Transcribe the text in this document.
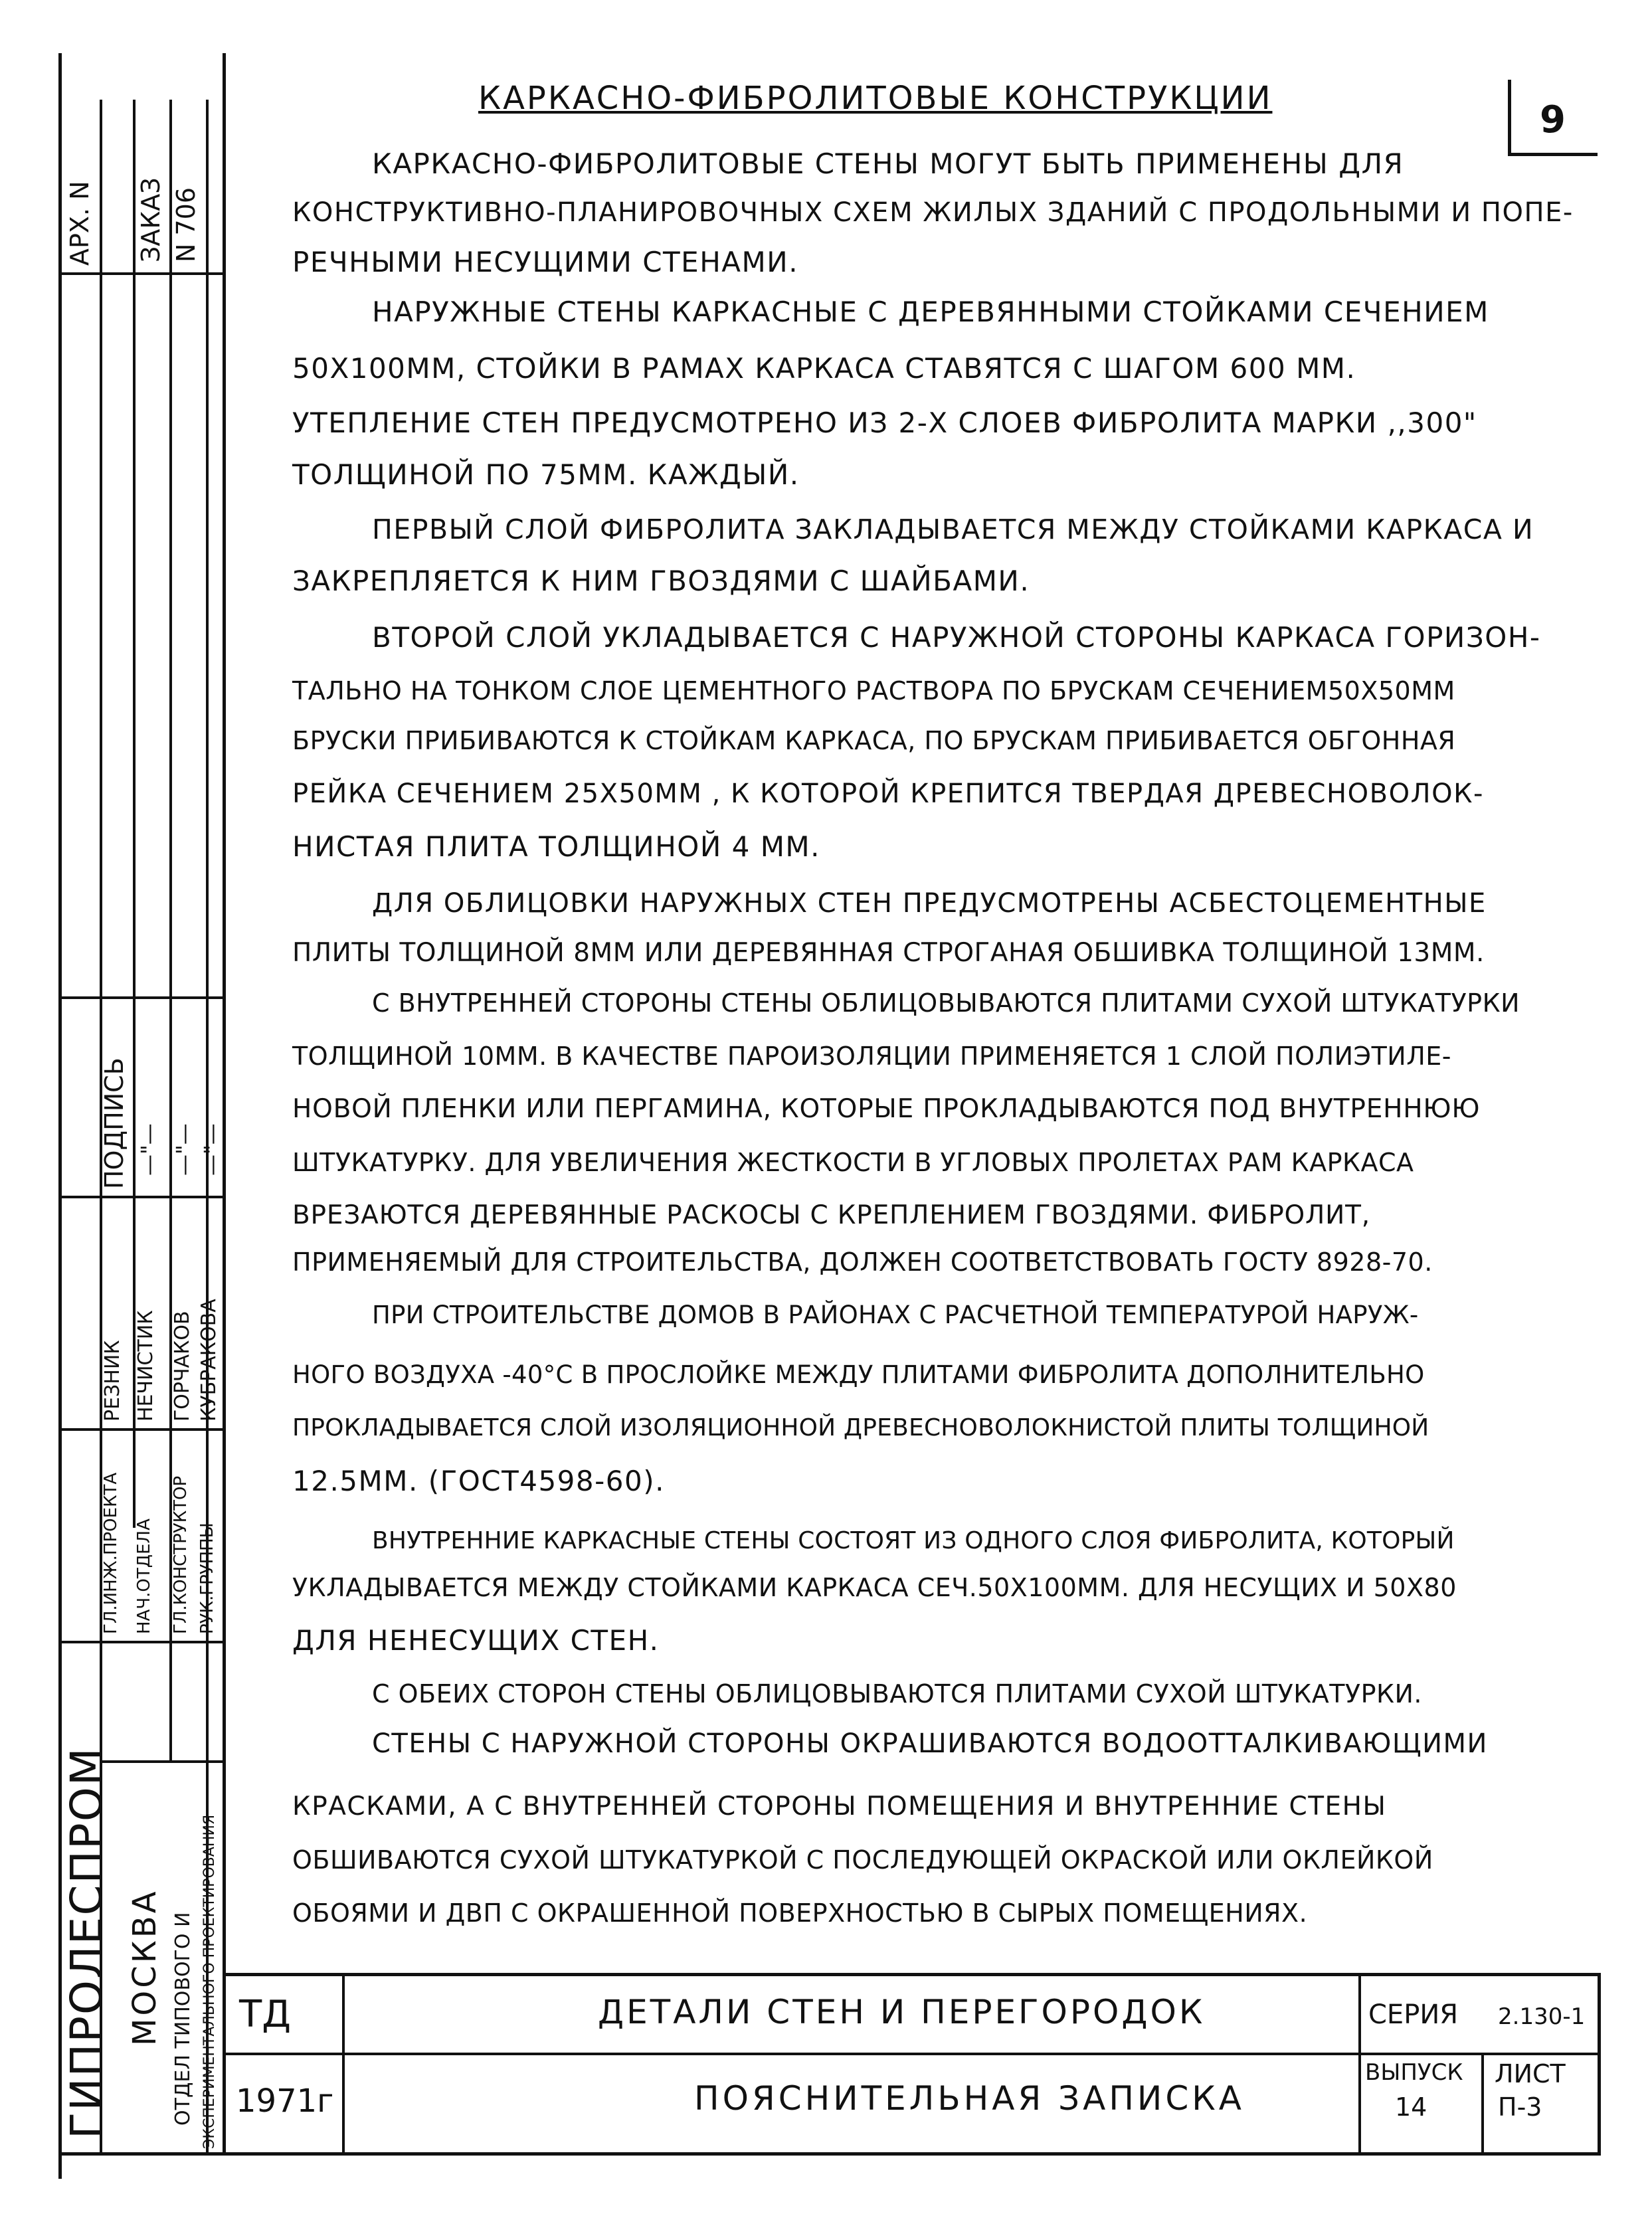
АРХ. N ЗАКАЗ N 706
ПОДПИСЬ —"— —"— —"—
ГЛ.ИНЖ.ПРОЕКТА НАЧ.ОТДЕЛА ГЛ.КОНСТРУКТОР РУК.ГРУППЫ
РЕЗНИК НЕЧИСТИК ГОРЧАКОВ КУБРАКОВА
ГИПРОЛЕСПРОМ МОСКВА ОТДЕЛ ТИПОВОГО И ЭКСПЕРИМЕНТАЛЬНОГО ПРОЕКТИРОВАНИЯ
КАРКАСНО-ФИБРОЛИТОВЫЕ КОНСТРУКЦИИ	9
КАРКАСНО-ФИБРОЛИТОВЫЕ СТЕНЫ МОГУТ БЫТЬ ПРИМЕНЕНЫ ДЛЯ
КОНСТРУКТИВНО-ПЛАНИРОВОЧНЫХ СХЕМ ЖИЛЫХ ЗДАНИЙ С ПРОДОЛЬНЫМИ И ПОПЕ-
РЕЧНЫМИ НЕСУЩИМИ СТЕНАМИ.
НАРУЖНЫЕ СТЕНЫ КАРКАСНЫЕ С ДЕРЕВЯННЫМИ СТОЙКАМИ СЕЧЕНИЕМ
50Х100ММ, СТОЙКИ В РАМАХ КАРКАСА СТАВЯТСЯ С ШАГОМ 600 ММ.
УТЕПЛЕНИЕ СТЕН ПРЕДУСМОТРЕНО ИЗ 2-Х СЛОЕВ ФИБРОЛИТА МАРКИ ,,300"
ТОЛЩИНОЙ ПО 75ММ. КАЖДЫЙ.
ПЕРВЫЙ СЛОЙ ФИБРОЛИТА ЗАКЛАДЫВАЕТСЯ МЕЖДУ СТОЙКАМИ КАРКАСА И
ЗАКРЕПЛЯЕТСЯ К НИМ ГВОЗДЯМИ С ШАЙБАМИ.
ВТОРОЙ СЛОЙ УКЛАДЫВАЕТСЯ С НАРУЖНОЙ СТОРОНЫ КАРКАСА ГОРИЗОН-
ТАЛЬНО НА ТОНКОМ СЛОЕ ЦЕМЕНТНОГО РАСТВОРА ПО БРУСКАМ СЕЧЕНИЕМ50Х50ММ
БРУСКИ ПРИБИВАЮТСЯ К СТОЙКАМ КАРКАСА, ПО БРУСКАМ ПРИБИВАЕТСЯ ОБГОННАЯ
РЕЙКА СЕЧЕНИЕМ 25Х50ММ , К КОТОРОЙ КРЕПИТСЯ ТВЕРДАЯ ДРЕВЕСНОВОЛОК-
НИСТАЯ ПЛИТА ТОЛЩИНОЙ 4 ММ.
ДЛЯ ОБЛИЦОВКИ НАРУЖНЫХ СТЕН ПРЕДУСМОТРЕНЫ АСБЕСТОЦЕМЕНТНЫЕ
ПЛИТЫ ТОЛЩИНОЙ 8ММ ИЛИ ДЕРЕВЯННАЯ СТРОГАНАЯ ОБШИВКА ТОЛЩИНОЙ 13ММ.
С ВНУТРЕННЕЙ СТОРОНЫ СТЕНЫ ОБЛИЦОВЫВАЮТСЯ ПЛИТАМИ СУХОЙ ШТУКАТУРКИ
ТОЛЩИНОЙ 10ММ. В КАЧЕСТВЕ ПАРОИЗОЛЯЦИИ ПРИМЕНЯЕТСЯ 1 СЛОЙ ПОЛИЭТИЛЕ-
НОВОЙ ПЛЕНКИ ИЛИ ПЕРГАМИНА, КОТОРЫЕ ПРОКЛАДЫВАЮТСЯ ПОД ВНУТРЕННЮЮ
ШТУКАТУРКУ. ДЛЯ УВЕЛИЧЕНИЯ ЖЕСТКОСТИ В УГЛОВЫХ ПРОЛЕТАХ РАМ КАРКАСА
ВРЕЗАЮТСЯ ДЕРЕВЯННЫЕ РАСКОСЫ С КРЕПЛЕНИЕМ ГВОЗДЯМИ. ФИБРОЛИТ,
ПРИМЕНЯЕМЫЙ ДЛЯ СТРОИТЕЛЬСТВА, ДОЛЖЕН СООТВЕТСТВОВАТЬ ГОСТУ 8928-70.
ПРИ СТРОИТЕЛЬСТВЕ ДОМОВ В РАЙОНАХ С РАСЧЕТНОЙ ТЕМПЕРАТУРОЙ НАРУЖ-
НОГО ВОЗДУХА -40°С В ПРОСЛОЙКЕ МЕЖДУ ПЛИТАМИ ФИБРОЛИТА ДОПОЛНИТЕЛЬНО
ПРОКЛАДЫВАЕТСЯ СЛОЙ ИЗОЛЯЦИОННОЙ ДРЕВЕСНОВОЛОКНИСТОЙ ПЛИТЫ ТОЛЩИНОЙ
12.5ММ. (ГОСТ4598-60).
ВНУТРЕННИЕ КАРКАСНЫЕ СТЕНЫ СОСТОЯТ ИЗ ОДНОГО СЛОЯ ФИБРОЛИТА, КОТОРЫЙ
УКЛАДЫВАЕТСЯ МЕЖДУ СТОЙКАМИ КАРКАСА СЕЧ.50Х100ММ. ДЛЯ НЕСУЩИХ И 50Х80
ДЛЯ НЕНЕСУЩИХ СТЕН.
С ОБЕИХ СТОРОН СТЕНЫ ОБЛИЦОВЫВАЮТСЯ ПЛИТАМИ СУХОЙ ШТУКАТУРКИ.
СТЕНЫ С НАРУЖНОЙ СТОРОНЫ ОКРАШИВАЮТСЯ ВОДООТТАЛКИВАЮЩИМИ
КРАСКАМИ, А С ВНУТРЕННЕЙ СТОРОНЫ ПОМЕЩЕНИЯ И ВНУТРЕННИЕ СТЕНЫ
ОБШИВАЮТСЯ СУХОЙ ШТУКАТУРКОЙ С ПОСЛЕДУЮЩЕЙ ОКРАСКОЙ ИЛИ ОКЛЕЙКОЙ
ОБОЯМИ И ДВП С ОКРАШЕННОЙ ПОВЕРХНОСТЬЮ В СЫРЫХ ПОМЕЩЕНИЯХ.
ТД
1971г
ДЕТАЛИ СТЕН И ПЕРЕГОРОДОК
ПОЯСНИТЕЛЬНАЯ ЗАПИСКА
СЕРИЯ 2.130-1
ВЫПУСК
14
ЛИСТ
П-3
